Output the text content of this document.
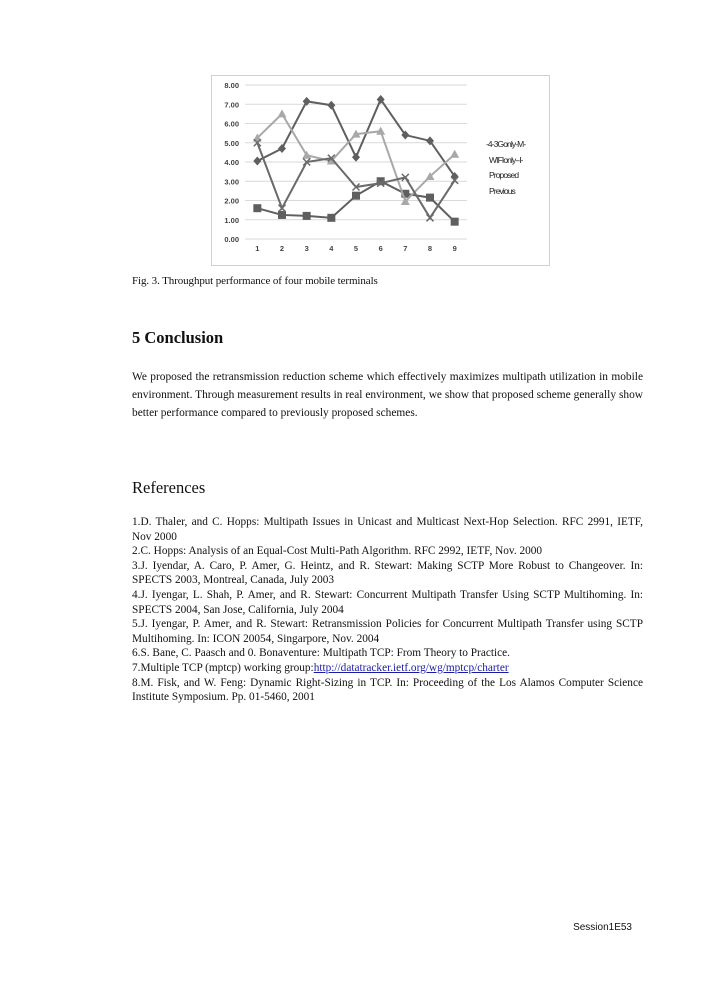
0.00
1.00
2.00
3.00
4.00
5.00
6.00
7.00
8.00
1	2	3	4	5	6	7	8	9
-4-3Gonly-M-
WIFIonly--I-
Proposed
Previous
Fig. 3. Throughput performance of four mobile terminals
5 Conclusion

We proposed the retransmission reduction scheme which effectively maximizes multipath utilization in mobile environment. Through measurement results in real environment, we show that proposed scheme generally show better performance compared to previously proposed schemes.

References
1.D. Thaler, and C. Hopps: Multipath Issues in Unicast and Multicast Next-Hop Selection. RFC 2991, IETF, Nov 2000
2.C. Hopps: Analysis of an Equal-Cost Multi-Path Algorithm. RFC 2992, IETF, Nov. 2000
3.J. Iyendar, A. Caro, P. Amer, G. Heintz, and R. Stewart: Making SCTP More Robust to Changeover. In: SPECTS 2003, Montreal, Canada, July 2003
4.J. Iyengar, L. Shah, P. Amer, and R. Stewart: Concurrent Multipath Transfer Using SCTP Multihoming. In: SPECTS 2004, San Jose, California, July 2004
5.J. Iyengar, P. Amer, and R. Stewart: Retransmission Policies for Concurrent Multipath Transfer using SCTP Multihoming. In: ICON 20054, Singarpore, Nov. 2004
6.S. Bane, C. Paasch and 0. Bonaventure: Multipath TCP: From Theory to Practice.
7.Multiple TCP (mptcp) working group:http://datatracker.ietf.org/wg/mptcp/charter
8.M. Fisk, and W. Feng: Dynamic Right-Sizing in TCP. In: Proceeding of the Los Alamos Computer Science Institute Symposium. Pp. 01-5460, 2001
Session1E53
